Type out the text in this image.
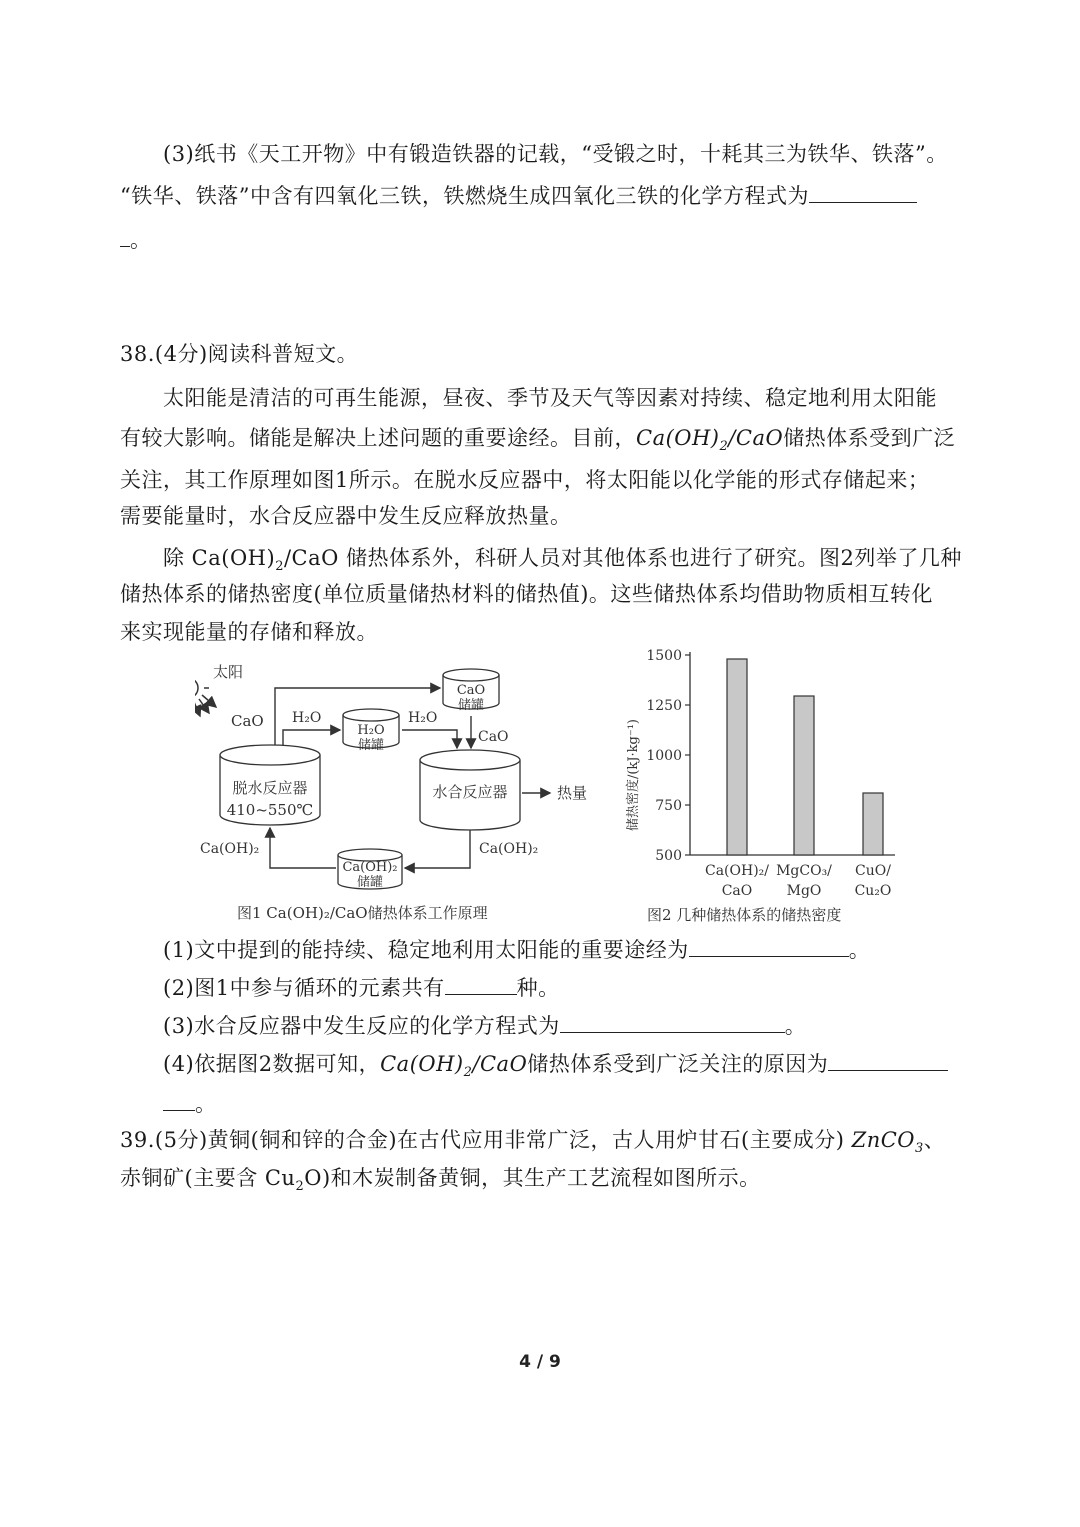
(3)纸书《天工开物》中有锻造铁器的记载，“受锻之时，十耗其三为铁华、铁落”。
“铁华、铁落”中含有四氧化三铁，铁燃烧生成四氧化三铁的化学方程式为
。
38.(4分)阅读科普短文。
太阳能是清洁的可再生能源，昼夜、季节及天气等因素对持续、稳定地利用太阳能
有较大影响。储能是解决上述问题的重要途经。目前，$Ca(OH)_2$/CaO储热体系受到广泛
关注，其工作原理如图1所示。在脱水反应器中，将太阳能以化学能的形式存储起来；
需要能量时，水合反应器中发生反应释放热量。
除 $Ca(OH)_2$/CaO 储热体系外，科研人员对其他体系也进行了研究。图2列举了几种
储热体系的储热密度(单位质量储热材料的储热值)。这些储热体系均借助物质相互转化
来实现能量的存储和释放。
太阳
CaO
脱水反应器
410~550℃
H₂O
储罐
CaO
储罐
水合反应器
Ca(OH)₂
储罐
H₂O	H₂O
CaO
热量
Ca(OH)₂	Ca(OH)₂
图1 Ca(OH)₂/CaO储热体系工作原理
储热密度/(kJ·kg⁻¹)
500
750
1000
1250
1500
Ca(OH)₂/
CaO
MgCO₃/
MgO
CuO/
Cu₂O
图2 几种储热体系的储热密度
(1)文中提到的能持续、稳定地利用太阳能的重要途经为	。
(2)图1中参与循环的元素共有	种。
(3)水合反应器中发生反应的化学方程式为	。
(4)依据图2数据可知，$Ca(OH)_2$/CaO储热体系受到广泛关注的原因为
。
39.(5分)黄铜(铜和锌的合金)在古代应用非常广泛，古人用炉甘石(主要成分) ZnCO$_3$、
赤铜矿(主要含 $Cu_2O$)和木炭制备黄铜，其生产工艺流程如图所示。
4 / 9
